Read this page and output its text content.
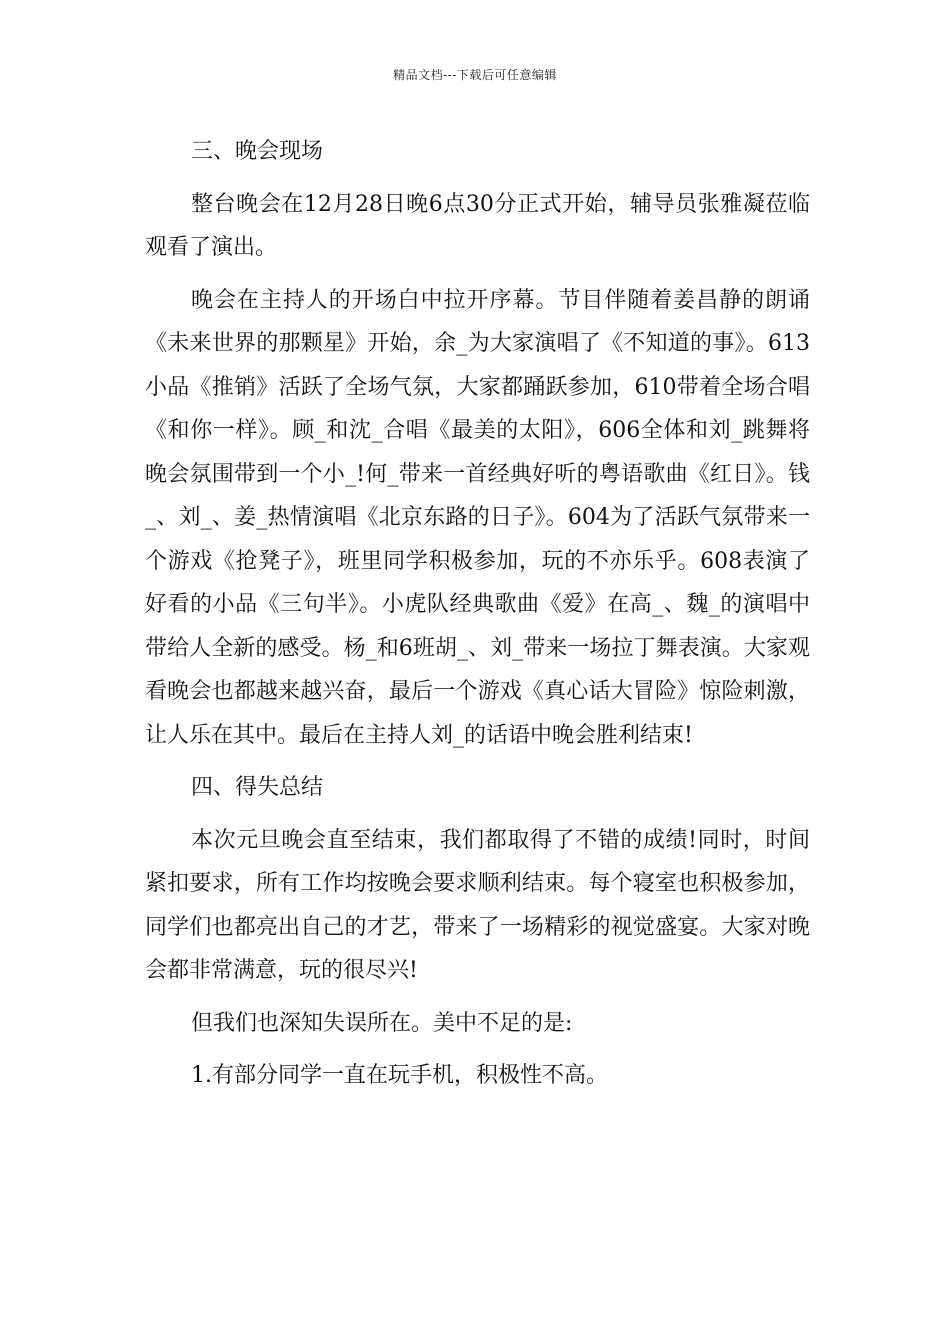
精品文档---下载后可任意编辑
三、晚会现场

整台晚会在12月28日晚6点30分正式开始，辅导员张雅凝莅临观看了演出。

晚会在主持人的开场白中拉开序幕。节目伴随着姜昌静的朗诵《未来世界的那颗星》开始，余_为大家演唱了《不知道的事》。613小品《推销》活跃了全场气氛，大家都踊跃参加，610带着全场合唱《和你一样》。顾_和沈_合唱《最美的太阳》，606全体和刘_跳舞将晚会氛围带到一个小_!何_带来一首经典好听的粤语歌曲《红日》。钱_、刘_、姜_热情演唱《北京东路的日子》。604为了活跃气氛带来一个游戏《抢凳子》，班里同学积极参加，玩的不亦乐乎。608表演了好看的小品《三句半》。小虎队经典歌曲《爱》在高_、魏_的演唱中带给人全新的感受。杨_和6班胡_、刘_带来一场拉丁舞表演。大家观看晚会也都越来越兴奋，最后一个游戏《真心话大冒险》惊险刺激，让人乐在其中。最后在主持人刘_的话语中晚会胜利结束!

四、得失总结

本次元旦晚会直至结束，我们都取得了不错的成绩!同时，时间紧扣要求，所有工作均按晚会要求顺利结束。每个寝室也积极参加，同学们也都亮出自己的才艺，带来了一场精彩的视觉盛宴。大家对晚会都非常满意，玩的很尽兴!

但我们也深知失误所在。美中不足的是:

1.有部分同学一直在玩手机，积极性不高。
